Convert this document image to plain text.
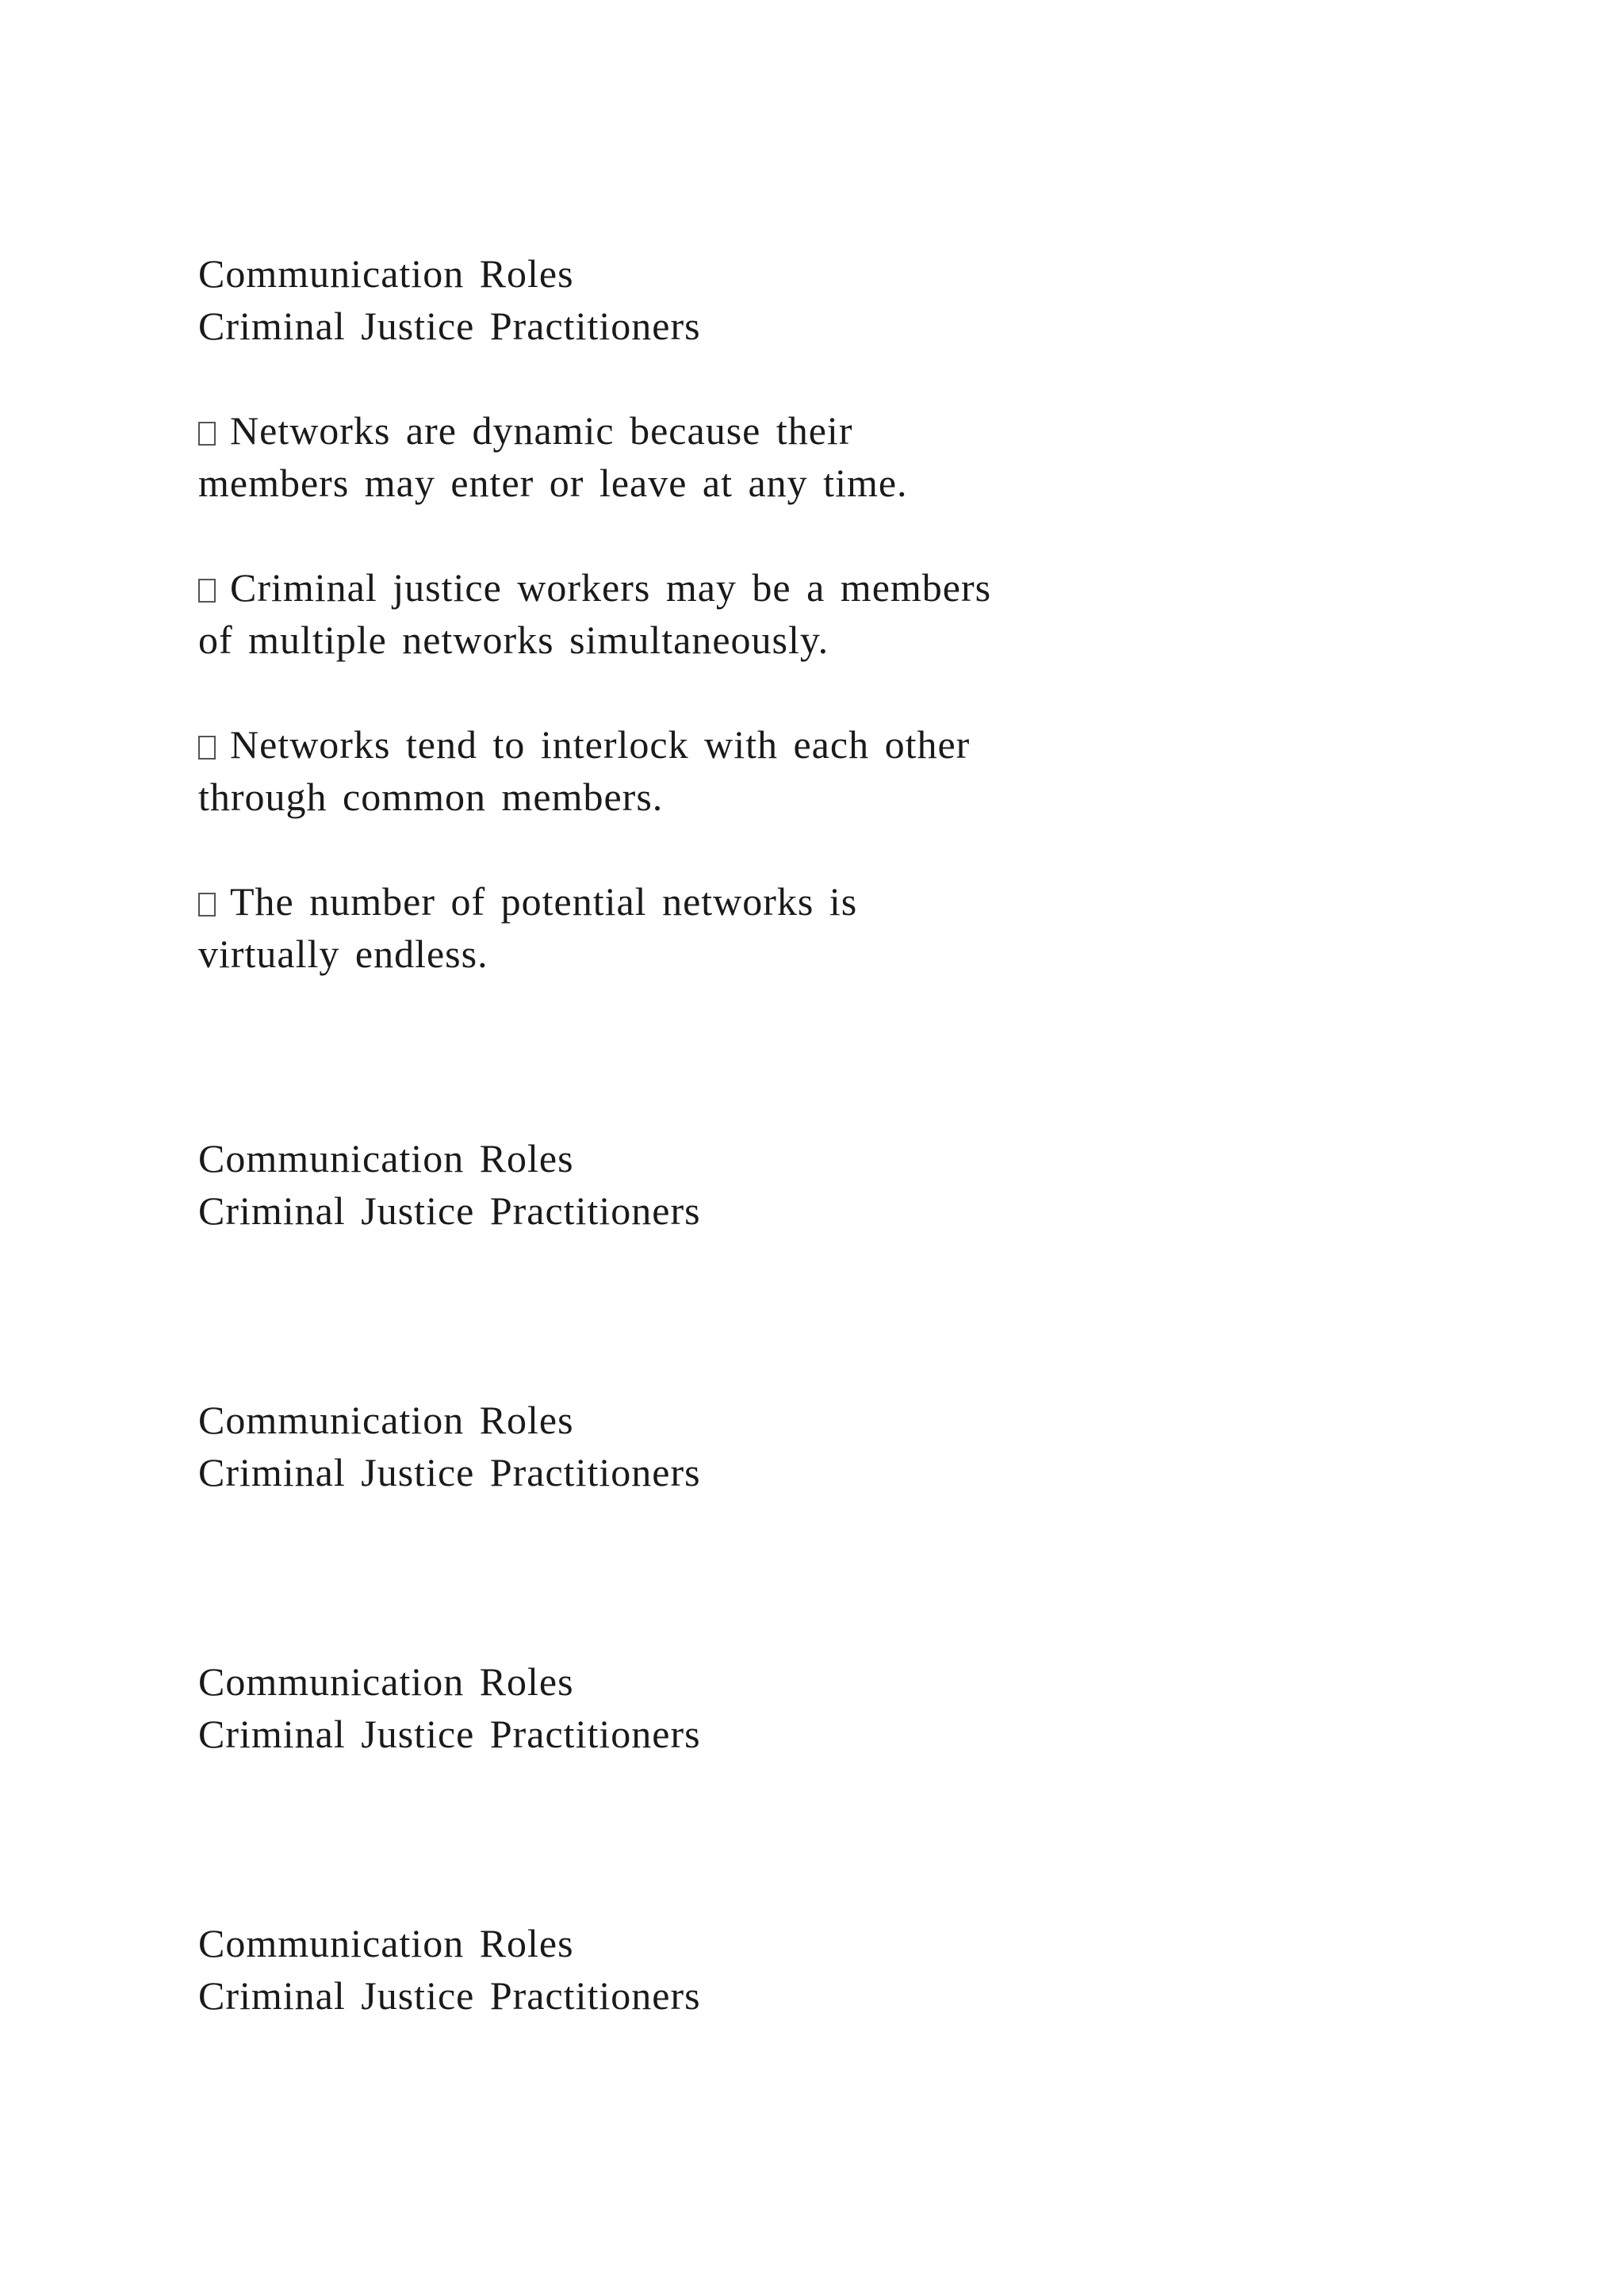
Communication Roles
Criminal Justice Practitioners
Networks are dynamic because their
members may enter or leave at any time.
Criminal justice workers may be a members
of multiple networks simultaneously.
Networks tend to interlock with each other
through common members.
The number of potential networks is
virtually endless.
Communication Roles
Criminal Justice Practitioners
Communication Roles
Criminal Justice Practitioners
Communication Roles
Criminal Justice Practitioners
Communication Roles
Criminal Justice Practitioners
